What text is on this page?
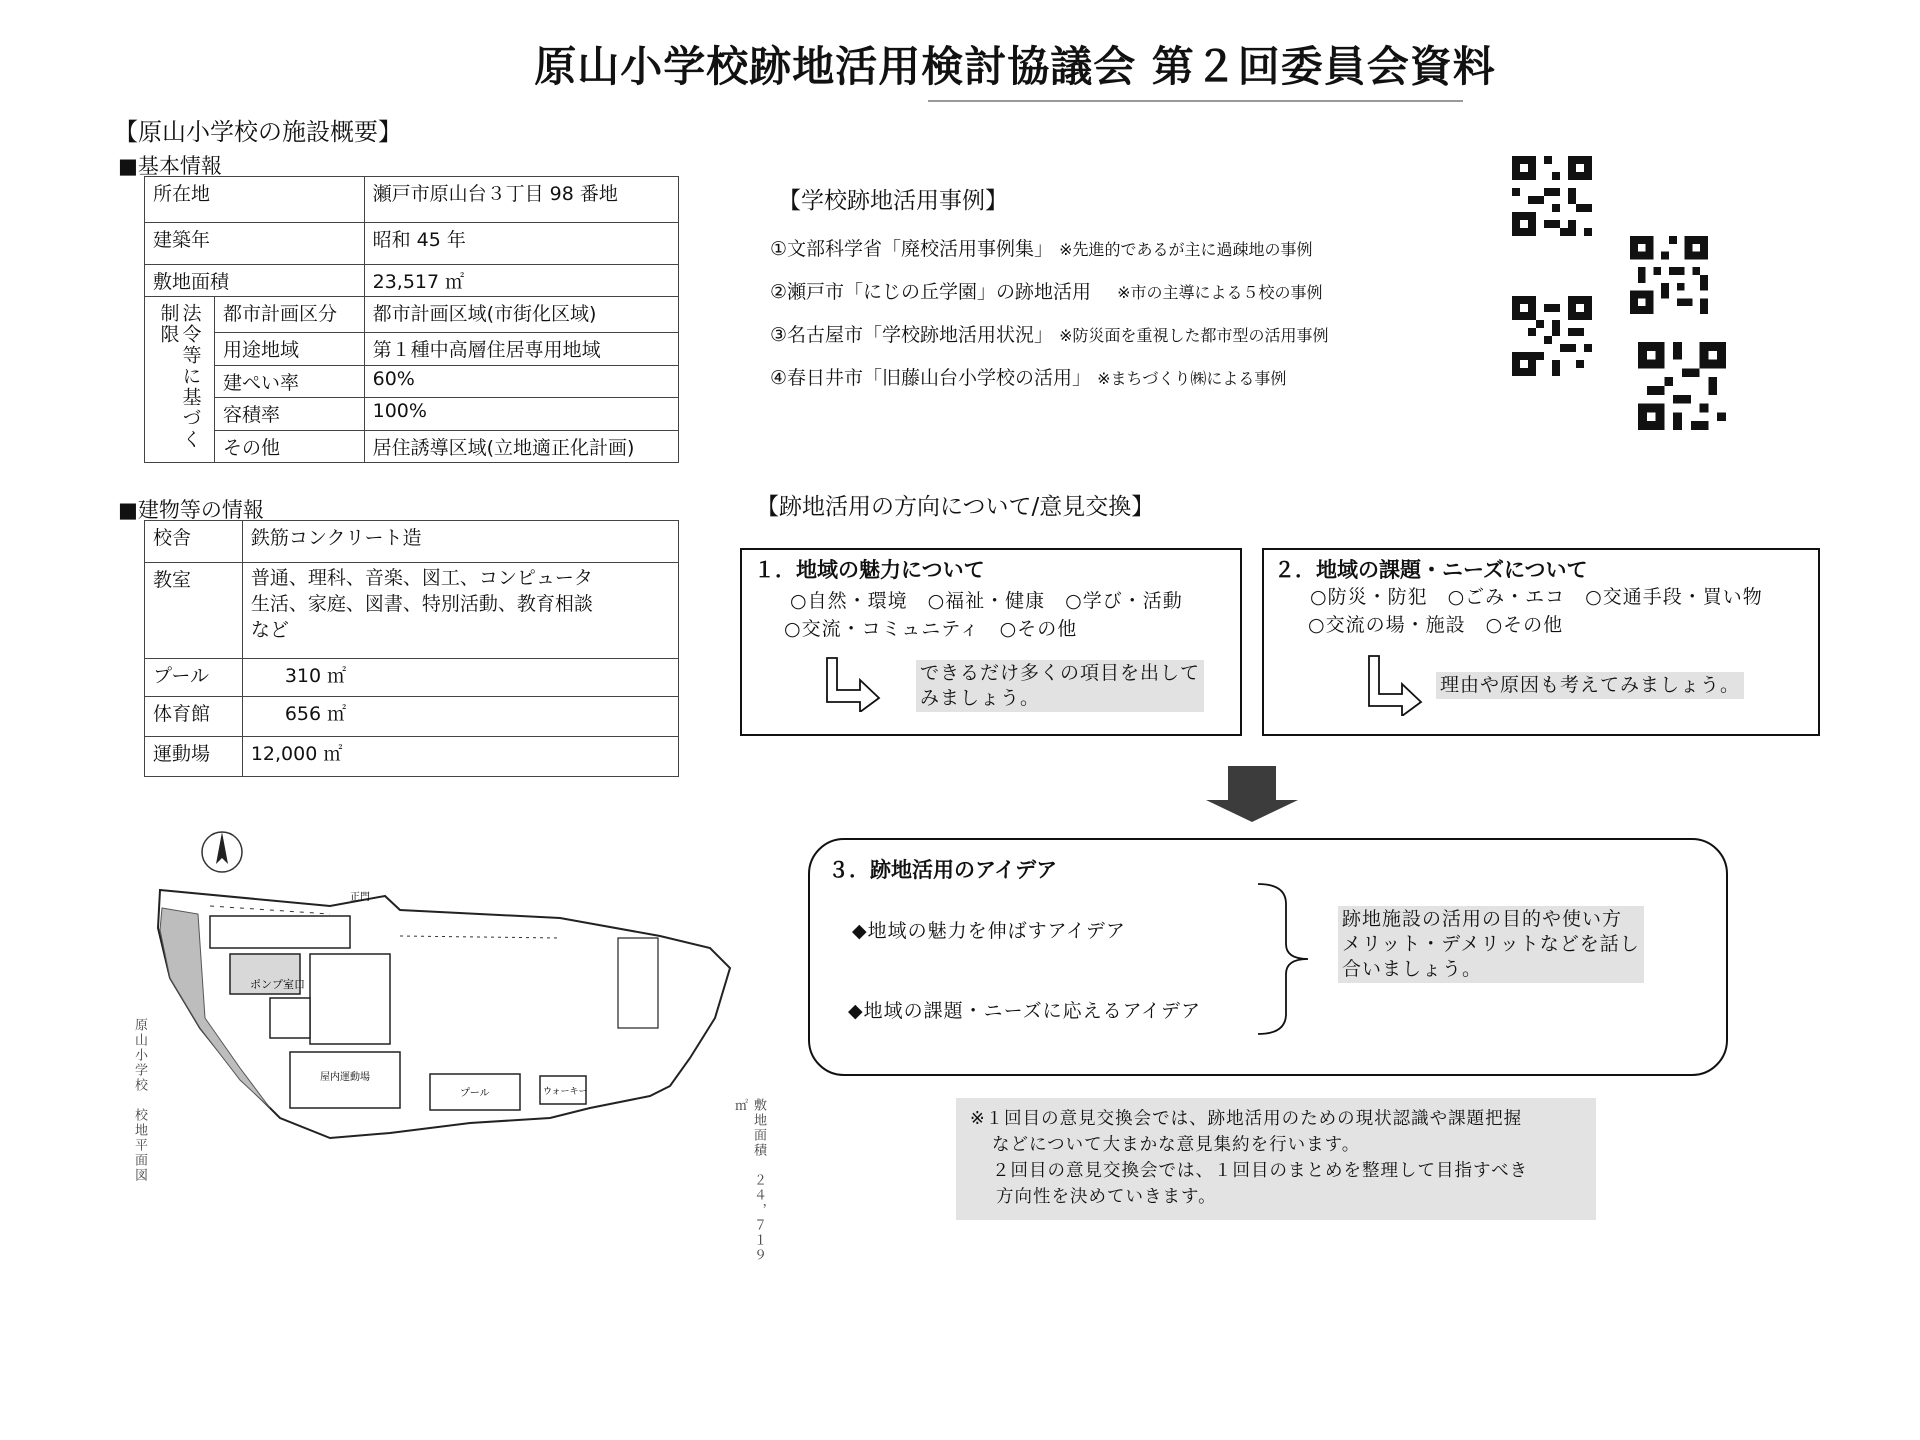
原山小学校跡地活用検討協議会 第２回委員会資料
【原山小学校の施設概要】
■基本情報
所在地		瀬戸市原山台３丁目 98 番地
建築年		昭和 45 年
敷地面積		23,517 ㎡
法令等に基づく制限	都市計画区分	都市計画区域(市街化区域)
	用途地域	第１種中高層住居専用地域
	建ぺい率	60%
	容積率	100%
	その他	居住誘導区域(立地適正化計画)
■建物等の情報
校舎	鉄筋コンクリート造
教室	普通、理科、音楽、図工、コンピュータ
生活、家庭、図書、特別活動、教育相談
など

プール	310 ㎡
体育館	656 ㎡
運動場	12,000 ㎡
ポンプ室口
正門
屋内運動場
プール	ウォーキー
原山小学校　校地平面図	敷地面積　２４，７１９㎡
【学校跡地活用事例】
①文部科学省「廃校活用事例集」 ※先進的であるが主に過疎地の事例
②瀬戸市「にじの丘学園」の跡地活用 ※市の主導による５校の事例
③名古屋市「学校跡地活用状況」 ※防災面を重視した都市型の活用事例
④春日井市「旧藤山台小学校の活用」 ※まちづくり㈱による事例
【跡地活用の方向について/意見交換】
１．地域の魅力について
○自然・環境　○福祉・健康　○学び・活動
○交流・コミュニティ　○その他
できるだけ多くの項目を出して
みましょう。
２．地域の課題・ニーズについて
○防災・防犯　○ごみ・エコ　○交通手段・買い物
○交流の場・施設　○その他
理由や原因も考えてみましょう。
３．跡地活用のアイデア
◆地域の魅力を伸ばすアイデア
◆地域の課題・ニーズに応えるアイデア
跡地施設の活用の目的や使い方
メリット・デメリットなどを話し
合いましょう。
※１回目の意見交換会では、跡地活用のための現状認識や課題把握
などについて大まかな意見集約を行います。
２回目の意見交換会では、１回目のまとめを整理して目指すべき
方向性を決めていきます。
